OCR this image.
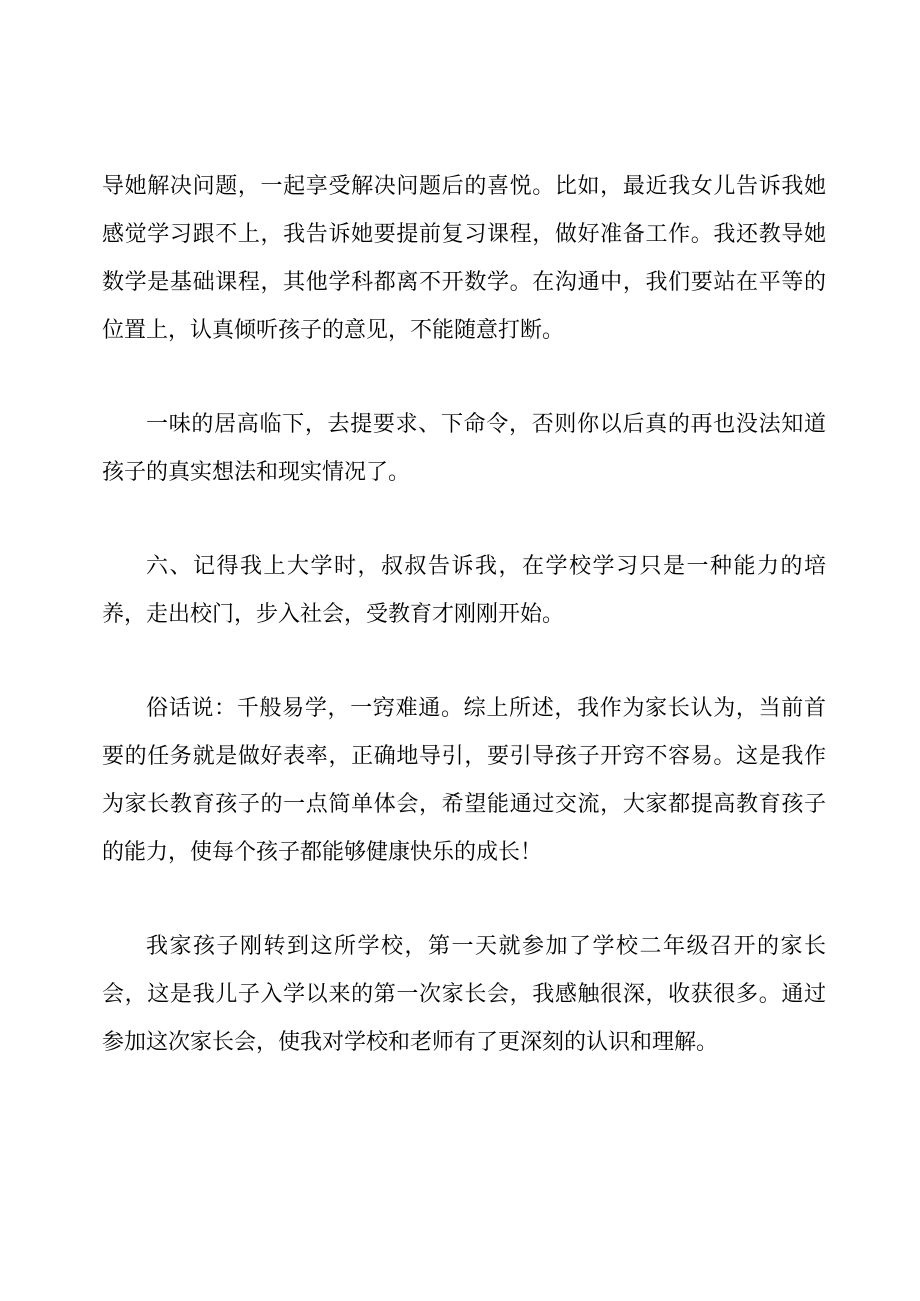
导她解决问题，一起享受解决问题后的喜悦。比如，最近我女儿告诉我她感觉学习跟不上，我告诉她要提前复习课程，做好准备工作。我还教导她数学是基础课程，其他学科都离不开数学。在沟通中，我们要站在平等的位置上，认真倾听孩子的意见，不能随意打断。

一味的居高临下，去提要求、下命令，否则你以后真的再也没法知道孩子的真实想法和现实情况了。

六、记得我上大学时，叔叔告诉我，在学校学习只是一种能力的培养，走出校门，步入社会，受教育才刚刚开始。

俗话说：千般易学，一窍难通。综上所述，我作为家长认为，当前首要的任务就是做好表率，正确地导引，要引导孩子开窍不容易。这是我作为家长教育孩子的一点简单体会，希望能通过交流，大家都提高教育孩子的能力，使每个孩子都能够健康快乐的成长！

我家孩子刚转到这所学校，第一天就参加了学校二年级召开的家长会，这是我儿子入学以来的第一次家长会，我感触很深，收获很多。通过参加这次家长会，使我对学校和老师有了更深刻的认识和理解。
